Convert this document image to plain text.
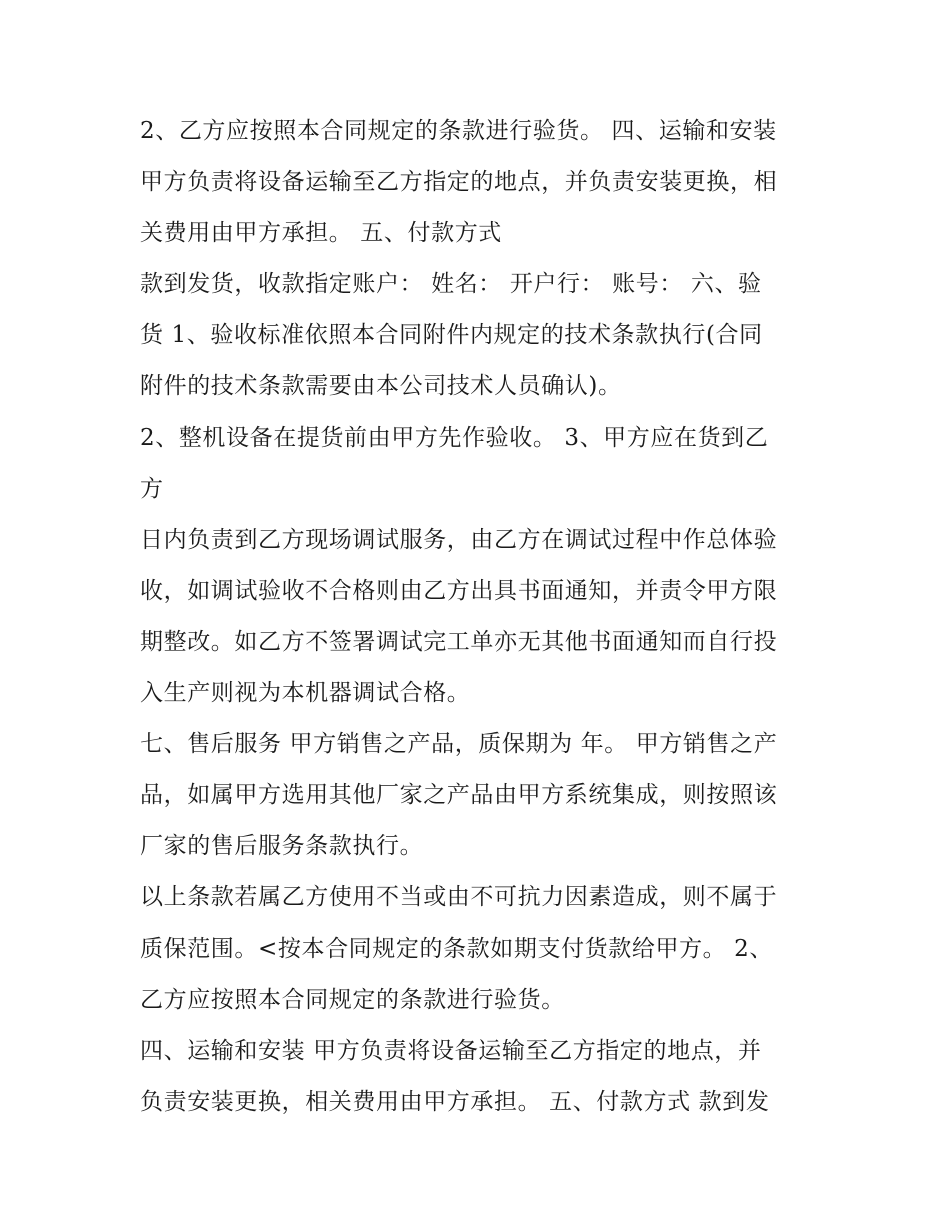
2、乙方应按照本合同规定的条款进行验货。 四、运输和安装
甲方负责将设备运输至乙方指定的地点，并负责安装更换，相
关费用由甲方承担。 五、付款方式
款到发货，收款指定账户： 姓名： 开户行： 账号： 六、验
货 1、验收标准依照本合同附件内规定的技术条款执行(合同
附件的技术条款需要由本公司技术人员确认)。
2、整机设备在提货前由甲方先作验收。 3、甲方应在货到乙
方
日内负责到乙方现场调试服务，由乙方在调试过程中作总体验
收，如调试验收不合格则由乙方出具书面通知，并责令甲方限
期整改。如乙方不签署调试完工单亦无其他书面通知而自行投
入生产则视为本机器调试合格。
七、售后服务 甲方销售之产品，质保期为 年。 甲方销售之产
品，如属甲方选用其他厂家之产品由甲方系统集成，则按照该
厂家的售后服务条款执行。
以上条款若属乙方使用不当或由不可抗力因素造成，则不属于
质保范围。<按本合同规定的条款如期支付货款给甲方。 2、
乙方应按照本合同规定的条款进行验货。
四、运输和安装 甲方负责将设备运输至乙方指定的地点，并
负责安装更换，相关费用由甲方承担。 五、付款方式 款到发
